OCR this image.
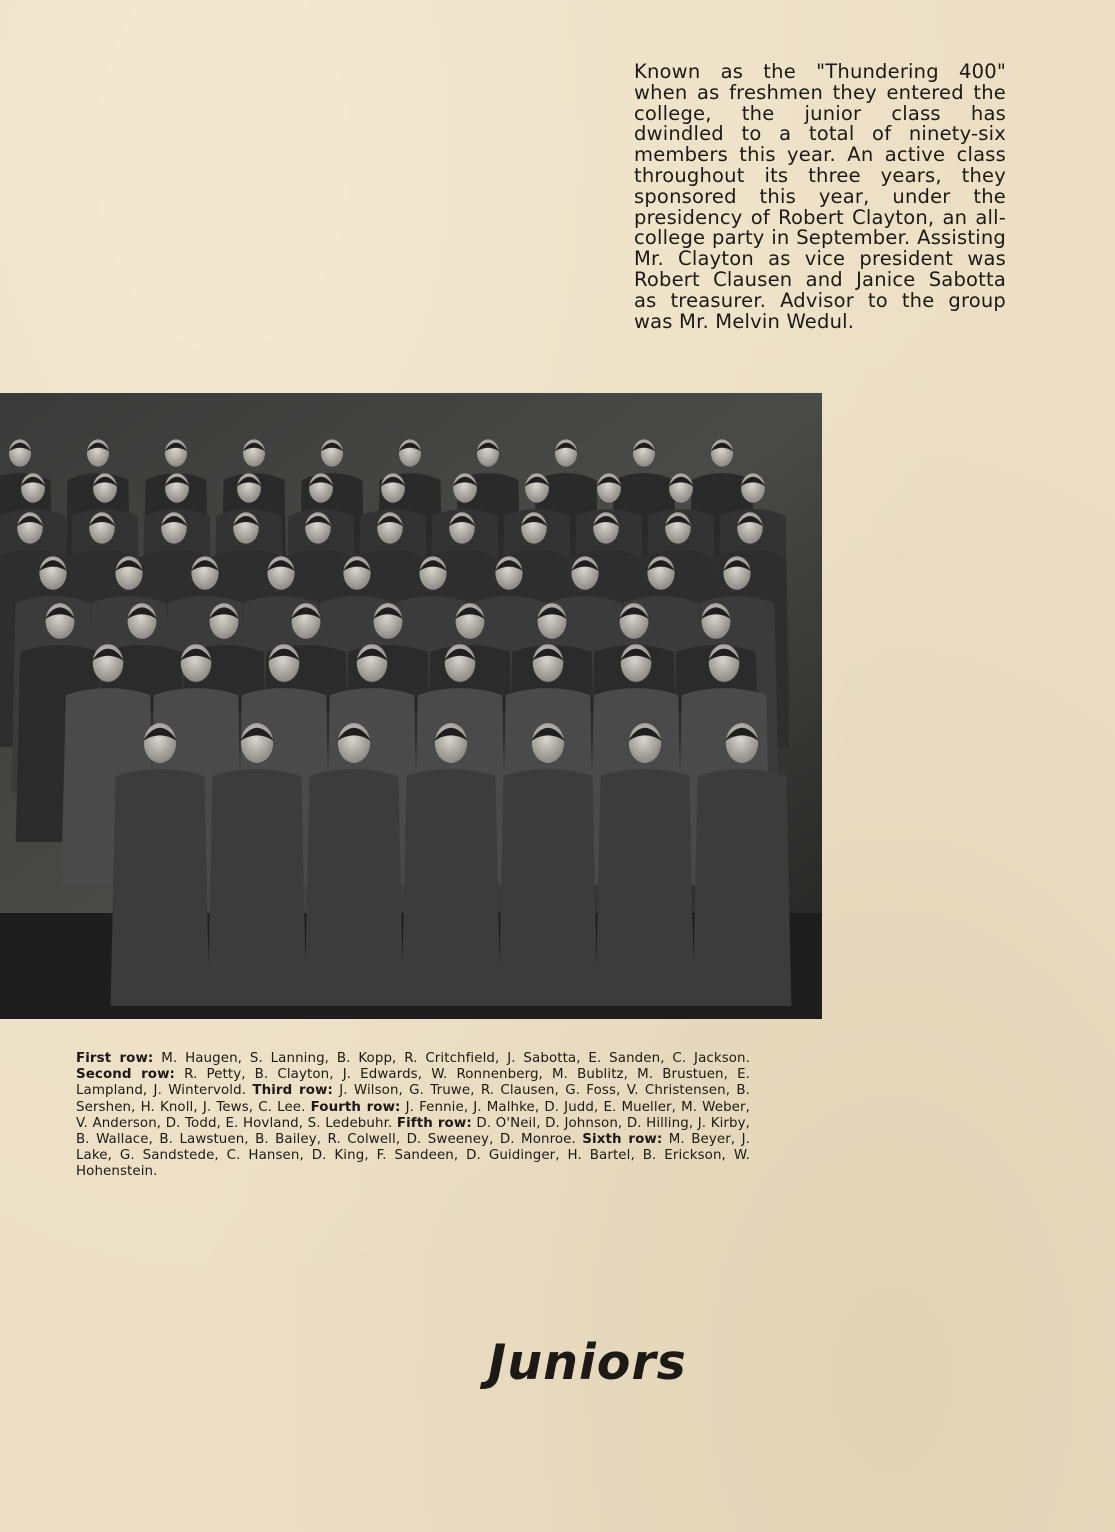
Known as the "Thundering 400" when as freshmen they entered the college, the junior class has dwindled to a total of ninety-six members this year. An active class throughout its three years, they sponsored this year, under the presidency of Robert Clayton, an all-college party in September. Assisting Mr. Clayton as vice president was Robert Clausen and Janice Sabotta as treasurer. Advisor to the group was Mr. Melvin Wedul.

First row: M. Haugen, S. Lanning, B. Kopp, R. Critchfield, J. Sabotta, E. Sanden, C. Jackson. Second row: R. Petty, B. Clayton, J. Edwards, W. Ronnenberg, M. Bublitz, M. Brustuen, E. Lampland, J. Wintervold. Third row: J. Wilson, G. Truwe, R. Clausen, G. Foss, V. Christensen, B. Sershen, H. Knoll, J. Tews, C. Lee. Fourth row: J. Fennie, J. Malhke, D. Judd, E. Mueller, M. Weber, V. Anderson, D. Todd, E. Hovland, S. Ledebuhr. Fifth row: D. O'Neil, D. Johnson, D. Hilling, J. Kirby, B. Wallace, B. Lawstuen, B. Bailey, R. Colwell, D. Sweeney, D. Monroe. Sixth row: M. Beyer, J. Lake, G. Sandstede, C. Hansen, D. King, F. Sandeen, D. Guidinger, H. Bartel, B. Erickson, W. Hohenstein.

Juniors
